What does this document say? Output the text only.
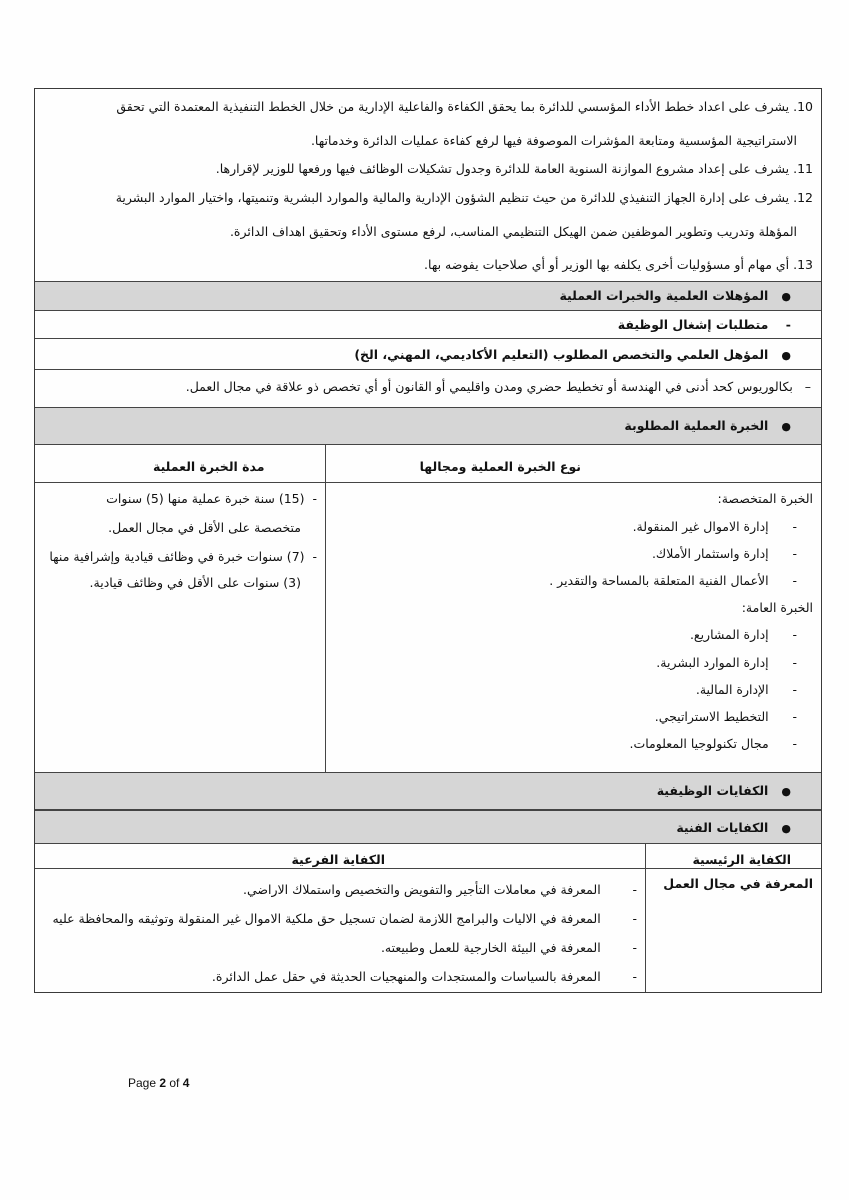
10. يشرف على اعداد خطط الأداء المؤسسي للدائرة بما يحقق الكفاءة والفاعلية الإدارية من خلال الخطط التنفيذية المعتمدة التي تحقق
الاستراتيجية المؤسسية ومتابعة المؤشرات الموصوفة فيها لرفع كفاءة عمليات الدائرة وخدماتها.
11. يشرف على إعداد مشروع الموازنة السنوية العامة للدائرة وجدول تشكيلات الوظائف فيها ورفعها للوزير لإقرارها.
12. يشرف على إدارة الجهاز التنفيذي للدائرة من حيث تنظيم الشؤون الإدارية والمالية والموارد البشرية وتنميتها، واختيار الموارد البشرية
المؤهلة وتدريب وتطوير الموظفين ضمن الهيكل التنظيمي المناسب، لرفع مستوى الأداء وتحقيق اهداف الدائرة.
13. أي مهام أو مسؤوليات أخرى يكلفه بها الوزير أو أي صلاحيات يفوضه بها.
●   المؤهلات العلمية والخبرات العملية
-    متطلبات إشغال الوظيفة
●   المؤهل العلمي والتخصص المطلوب (التعليم الأكاديمي، المهني، الخ)
–   بكالوريوس كحد أدنى في الهندسة أو تخطيط حضري ومدن واقليمي أو القانون أو أي تخصص ذو علاقة في مجال العمل.
●   الخبرة العملية المطلوبة
نوع الخبرة العملية ومجالها
مدة الخبرة العملية
الخبرة المتخصصة:
-      إدارة الاموال غير المنقولة.
-      إدارة واستثمار الأملاك.
-      الأعمال الفنية المتعلقة بالمساحة والتقدير .
الخبرة العامة:
-      إدارة المشاريع.
-      إدارة الموارد البشرية.
-      الإدارة المالية.
-      التخطيط الاستراتيجي.
-      مجال تكنولوجيا المعلومات.
-  (15) سنة خبرة عملية منها (5) سنوات
متخصصة على الأقل في مجال العمل.
-  (7) سنوات خبرة في وظائف قيادية وإشرافية منها
(3) سنوات على الأقل في وظائف قيادية.
●   الكفايات الوظيفية
●   الكفايات الفنية
الكفاية الرئيسية
الكفاية الفرعية
المعرفة في مجال العمل
-        المعرفة في معاملات التأجير والتفويض والتخصيص واستملاك الاراضي.
-        المعرفة في الاليات والبرامج اللازمة لضمان تسجيل حق ملكية الاموال غير المنقولة وتوثيقه والمحافظة عليه
-        المعرفة في البيئة الخارجية للعمل وطبيعته.
-        المعرفة بالسياسات والمستجدات والمنهجيات الحديثة في حقل عمل الدائرة.
Page 2 of 4
